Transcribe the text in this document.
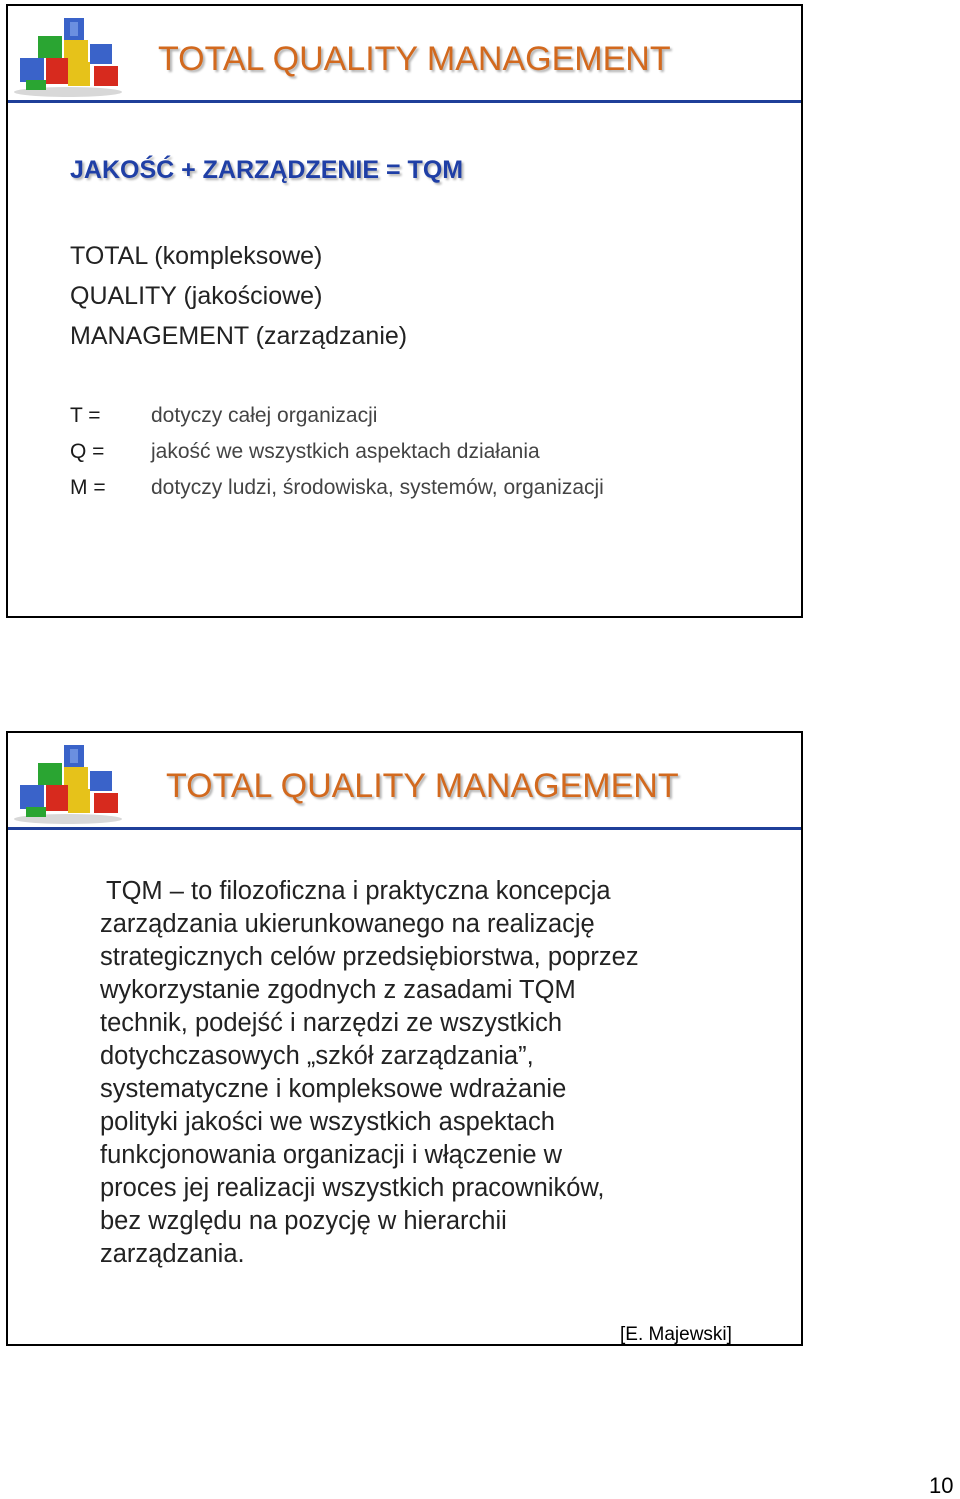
TOTAL QUALITY MANAGEMENT
JAKOŚĆ + ZARZĄDZENIE = TQM
TOTAL (kompleksowe)
QUALITY (jakościowe)
MANAGEMENT (zarządzanie)
T =	dotyczy całej organizacji
Q =	jakość we wszystkich aspektach działania
M =	dotyczy ludzi, środowiska, systemów, organizacji
TOTAL QUALITY MANAGEMENT

TQM – to filozoficzna i praktyczna koncepcja

zarządzania ukierunkowanego na realizację

strategicznych celów przedsiębiorstwa, poprzez

wykorzystanie zgodnych z zasadami TQM

technik, podejść i narzędzi ze wszystkich

dotychczasowych „szkół zarządzania”,

systematyczne i kompleksowe wdrażanie

polityki jakości we wszystkich aspektach

funkcjonowania organizacji i włączenie w

proces jej realizacji wszystkich pracowników,

bez względu na pozycję w hierarchii

zarządzania.

[E. Majewski]
10
